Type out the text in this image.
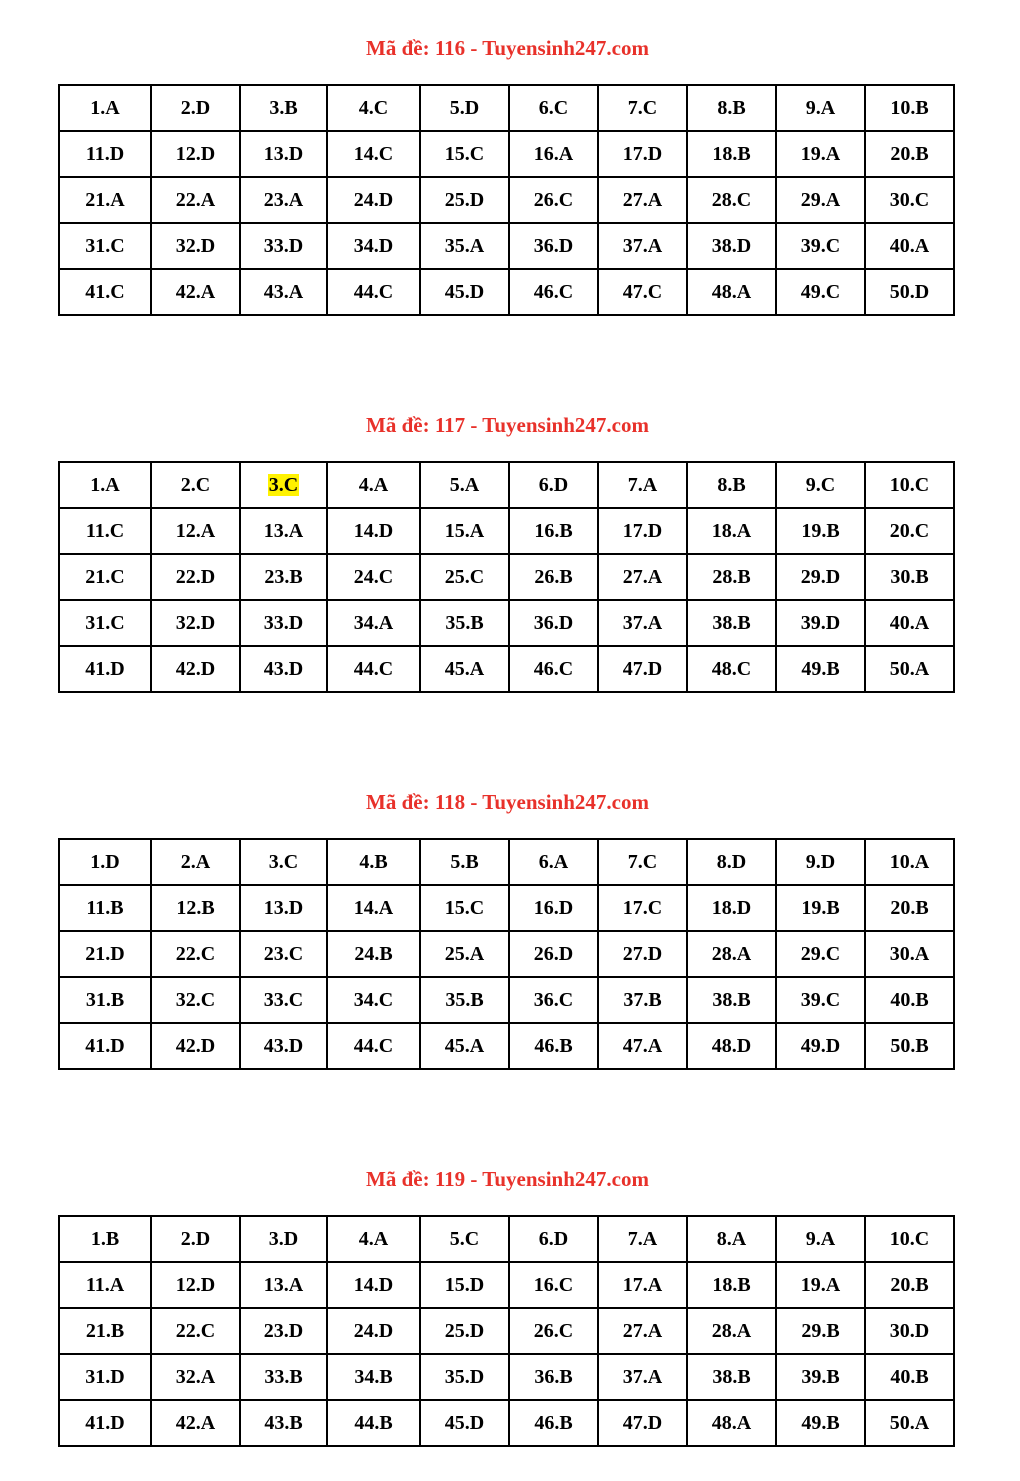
Mã đề: 116 - Tuyensinh247.com
1.A	2.D	3.B	4.C	5.D	6.C	7.C	8.B	9.A	10.B
11.D	12.D	13.D	14.C	15.C	16.A	17.D	18.B	19.A	20.B
21.A	22.A	23.A	24.D	25.D	26.C	27.A	28.C	29.A	30.C
31.C	32.D	33.D	34.D	35.A	36.D	37.A	38.D	39.C	40.A
41.C	42.A	43.A	44.C	45.D	46.C	47.C	48.A	49.C	50.D
Mã đề: 117 - Tuyensinh247.com
1.A	2.C	3.C	4.A	5.A	6.D	7.A	8.B	9.C	10.C
11.C	12.A	13.A	14.D	15.A	16.B	17.D	18.A	19.B	20.C
21.C	22.D	23.B	24.C	25.C	26.B	27.A	28.B	29.D	30.B
31.C	32.D	33.D	34.A	35.B	36.D	37.A	38.B	39.D	40.A
41.D	42.D	43.D	44.C	45.A	46.C	47.D	48.C	49.B	50.A
Mã đề: 118 - Tuyensinh247.com
1.D	2.A	3.C	4.B	5.B	6.A	7.C	8.D	9.D	10.A
11.B	12.B	13.D	14.A	15.C	16.D	17.C	18.D	19.B	20.B
21.D	22.C	23.C	24.B	25.A	26.D	27.D	28.A	29.C	30.A
31.B	32.C	33.C	34.C	35.B	36.C	37.B	38.B	39.C	40.B
41.D	42.D	43.D	44.C	45.A	46.B	47.A	48.D	49.D	50.B
Mã đề: 119 - Tuyensinh247.com
1.B	2.D	3.D	4.A	5.C	6.D	7.A	8.A	9.A	10.C
11.A	12.D	13.A	14.D	15.D	16.C	17.A	18.B	19.A	20.B
21.B	22.C	23.D	24.D	25.D	26.C	27.A	28.A	29.B	30.D
31.D	32.A	33.B	34.B	35.D	36.B	37.A	38.B	39.B	40.B
41.D	42.A	43.B	44.B	45.D	46.B	47.D	48.A	49.B	50.A
